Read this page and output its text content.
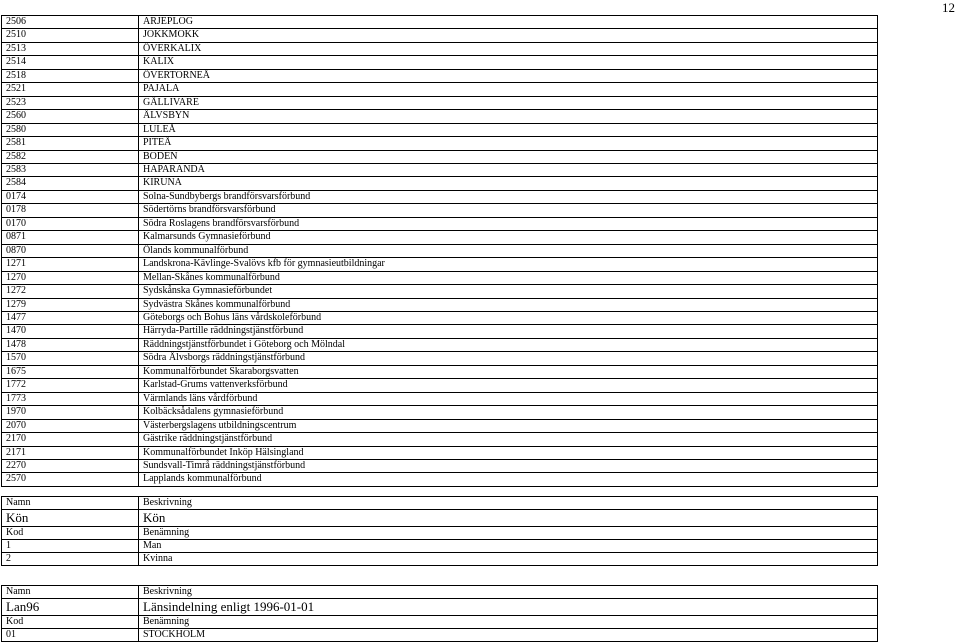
12
2506	ARJEPLOG
2510	JOKKMOKK
2513	ÖVERKALIX
2514	KALIX
2518	ÖVERTORNEÅ
2521	PAJALA
2523	GÄLLIVARE
2560	ÄLVSBYN
2580	LULEÅ
2581	PITEÅ
2582	BODEN
2583	HAPARANDA
2584	KIRUNA
0174	Solna-Sundbybergs brandförsvarsförbund
0178	Södertörns brandförsvarsförbund
0170	Södra Roslagens brandförsvarsförbund
0871	Kalmarsunds Gymnasieförbund
0870	Ölands kommunalförbund
1271	Landskrona-Kävlinge-Svalövs kfb för gymnasieutbildningar
1270	Mellan-Skånes kommunalförbund
1272	Sydskånska Gymnasieförbundet
1279	Sydvästra Skånes kommunalförbund
1477	Göteborgs och Bohus läns vårdskoleförbund
1470	Härryda-Partille räddningstjänstförbund
1478	Räddningstjänstförbundet i Göteborg och Mölndal
1570	Södra Älvsborgs räddningstjänstförbund
1675	Kommunalförbundet Skaraborgsvatten
1772	Karlstad-Grums vattenverksförbund
1773	Värmlands läns vårdförbund
1970	Kolbäcksådalens gymnasieförbund
2070	Västerbergslagens utbildningscentrum
2170	Gästrike räddningstjänstförbund
2171	Kommunalförbundet Inköp Hälsingland
2270	Sundsvall-Timrå räddningstjänstförbund
2570	Lapplands kommunalförbund
Namn	Beskrivning
Kön	Kön
Kod	Benämning
1	Man
2	Kvinna
Namn	Beskrivning
Lan96	Länsindelning enligt 1996-01-01
Kod	Benämning
01	STOCKHOLM
